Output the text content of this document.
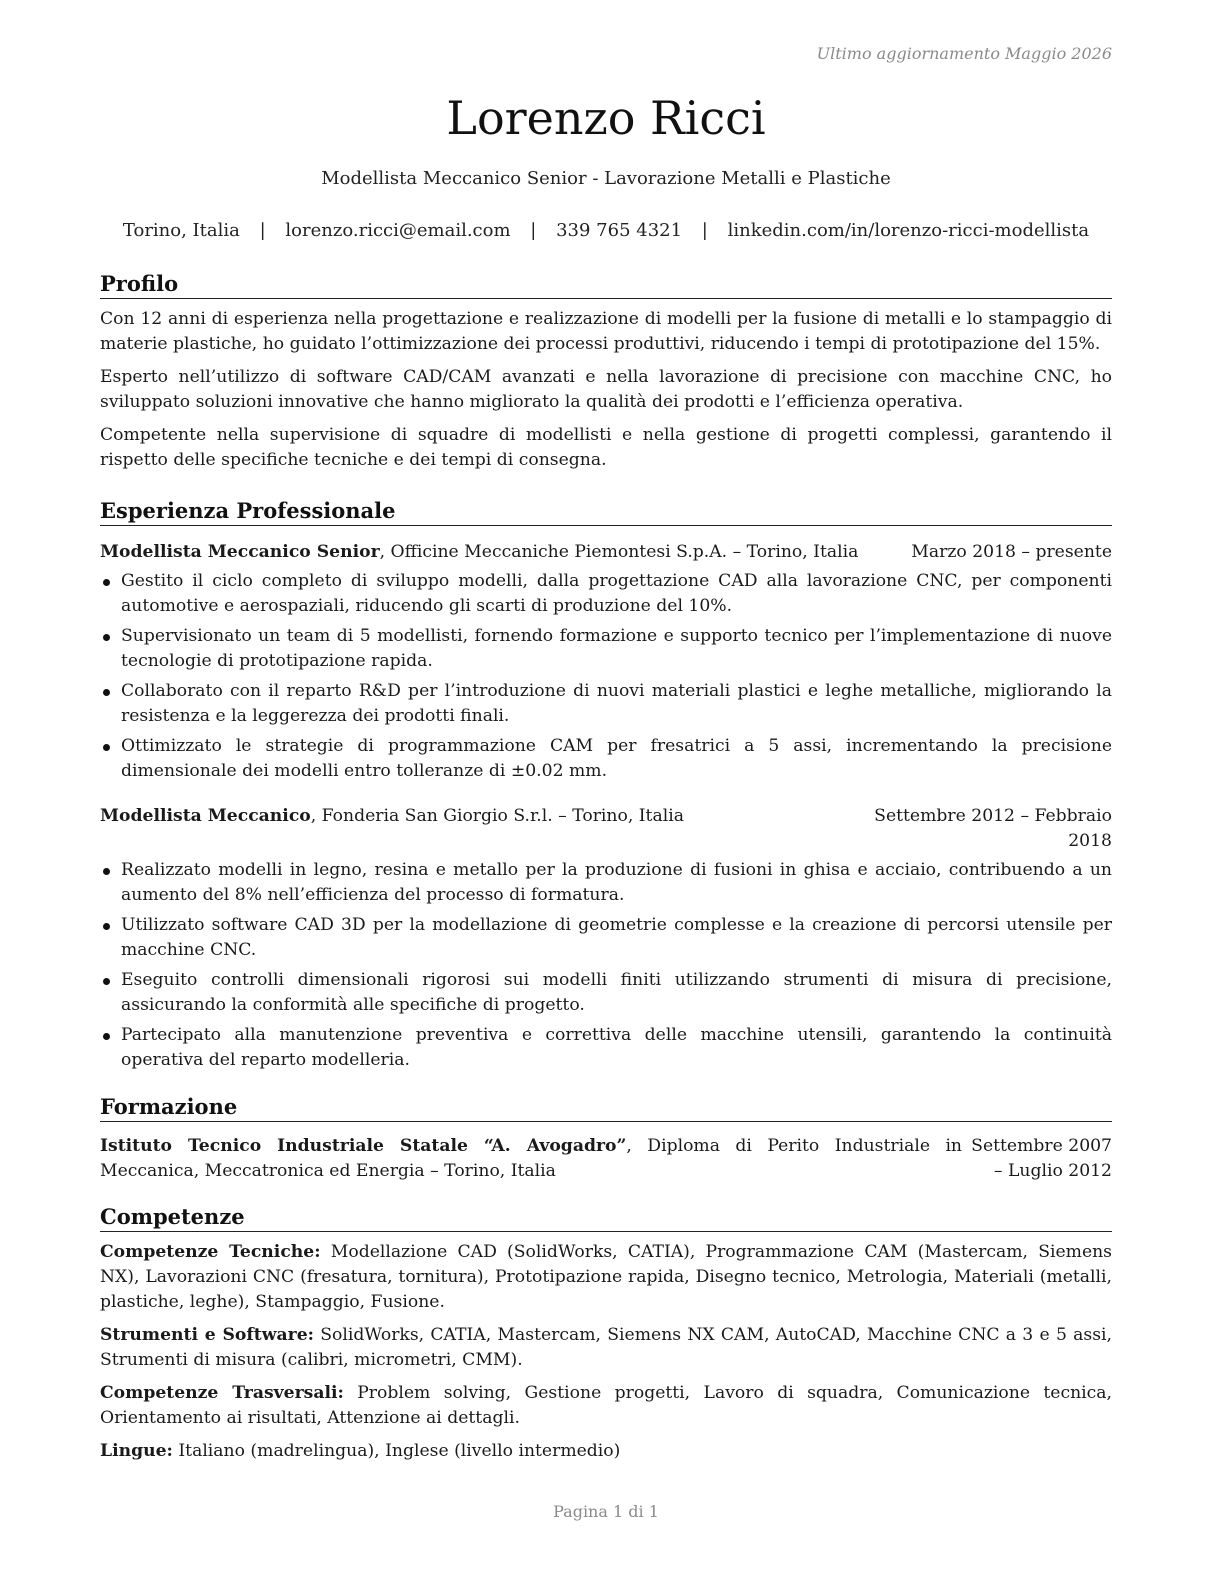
Ultimo aggiornamento Maggio 2026
Lorenzo Ricci
Modellista Meccanico Senior - Lavorazione Metalli e Plastiche
Torino, Italia | lorenzo.ricci@email.com | 339 765 4321 | linkedin.com/in/lorenzo-ricci-modellista
Profilo

Con 12 anni di esperienza nella progettazione e realizzazione di modelli per la fusione di metalli e lo stampaggio di materie plastiche, ho guidato l’ottimizzazione dei processi produttivi, riducendo i tempi di prototipazione del 15%.

Esperto nell’utilizzo di software CAD/CAM avanzati e nella lavorazione di precisione con macchine CNC, ho sviluppato soluzioni innovative che hanno migliorato la qualità dei prodotti e l’efficienza operativa.

Competente nella supervisione di squadre di modellisti e nella gestione di progetti complessi, garantendo il rispetto delle specifiche tecniche e dei tempi di consegna.

Esperienza Professionale
Modellista Meccanico Senior, Officine Meccaniche Piemontesi S.p.A. – Torino, Italia	Marzo 2018 – presente
Gestito il ciclo completo di sviluppo modelli, dalla progettazione CAD alla lavorazione CNC, per componenti automotive e aerospaziali, riducendo gli scarti di produzione del 10%.
Supervisionato un team di 5 modellisti, fornendo formazione e supporto tecnico per l’implementazione di nuove tecnologie di prototipazione rapida.
Collaborato con il reparto R&D per l’introduzione di nuovi materiali plastici e leghe metalliche, migliorando la resistenza e la leggerezza dei prodotti finali.
Ottimizzato le strategie di programmazione CAM per fresatrici a 5 assi, incrementando la precisione dimensionale dei modelli entro tolleranze di ±0.02 mm.
Modellista Meccanico, Fonderia San Giorgio S.r.l. – Torino, Italia	Settembre 2012 – Febbraio 2018
Realizzato modelli in legno, resina e metallo per la produzione di fusioni in ghisa e acciaio, contribuendo a un aumento del 8% nell’efficienza del processo di formatura.
Utilizzato software CAD 3D per la modellazione di geometrie complesse e la creazione di percorsi utensile per macchine CNC.
Eseguito controlli dimensionali rigorosi sui modelli finiti utilizzando strumenti di misura di precisione, assicurando la conformità alle specifiche di progetto.
Partecipato alla manutenzione preventiva e correttiva delle macchine utensili, garantendo la continuità operativa del reparto modelleria.
Formazione
Istituto Tecnico Industriale Statale “A. Avogadro”, Diploma di Perito Industriale in Meccanica, Meccatronica ed Energia – Torino, Italia
Settembre 2007 – Luglio 2012
Competenze

Competenze Tecniche: Modellazione CAD (SolidWorks, CATIA), Programmazione CAM (Mastercam, Siemens NX), Lavorazioni CNC (fresatura, tornitura), Prototipazione rapida, Disegno tecnico, Metrologia, Materiali (metalli, plastiche, leghe), Stampaggio, Fusione.

Strumenti e Software: SolidWorks, CATIA, Mastercam, Siemens NX CAM, AutoCAD, Macchine CNC a 3 e 5 assi, Strumenti di misura (calibri, micrometri, CMM).

Competenze Trasversali: Problem solving, Gestione progetti, Lavoro di squadra, Comunicazione tecnica, Orientamento ai risultati, Attenzione ai dettagli.

Lingue: Italiano (madrelingua), Inglese (livello intermedio)

Pagina 1 di 1
